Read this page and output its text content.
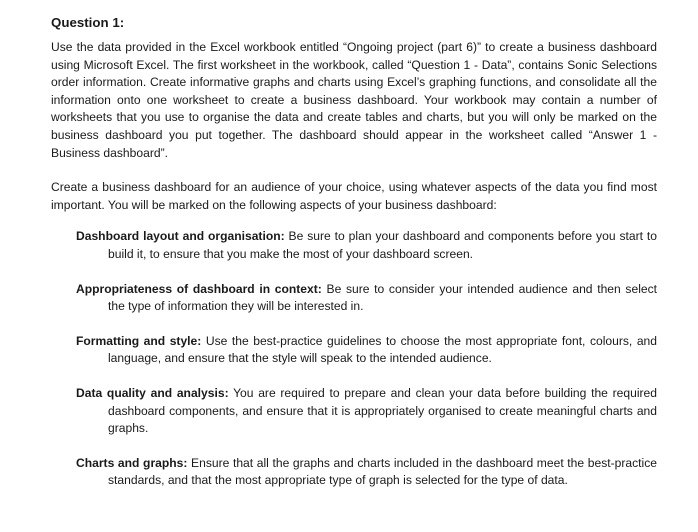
Question 1:

Use the data provided in the Excel workbook entitled “Ongoing project (part 6)” to create a business dashboard using Microsoft Excel. The first worksheet in the workbook, called “Question 1 - Data”, contains Sonic Selections order information. Create informative graphs and charts using Excel’s graphing functions, and consolidate all the information onto one worksheet to create a business dashboard. Your workbook may contain a number of worksheets that you use to organise the data and create tables and charts, but you will only be marked on the business dashboard you put together. The dashboard should appear in the worksheet called “Answer 1 - Business dashboard”.

Create a business dashboard for an audience of your choice, using whatever aspects of the data you find most important. You will be marked on the following aspects of your business dashboard:

Dashboard layout and organisation: Be sure to plan your dashboard and components before you start to build it, to ensure that you make the most of your dashboard screen.
Appropriateness of dashboard in context: Be sure to consider your intended audience and then select the type of information they will be interested in.
Formatting and style: Use the best-practice guidelines to choose the most appropriate font, colours, and language, and ensure that the style will speak to the intended audience.
Data quality and analysis: You are required to prepare and clean your data before building the required dashboard components, and ensure that it is appropriately organised to create meaningful charts and graphs.
Charts and graphs: Ensure that all the graphs and charts included in the dashboard meet the best-practice standards, and that the most appropriate type of graph is selected for the type of data.
